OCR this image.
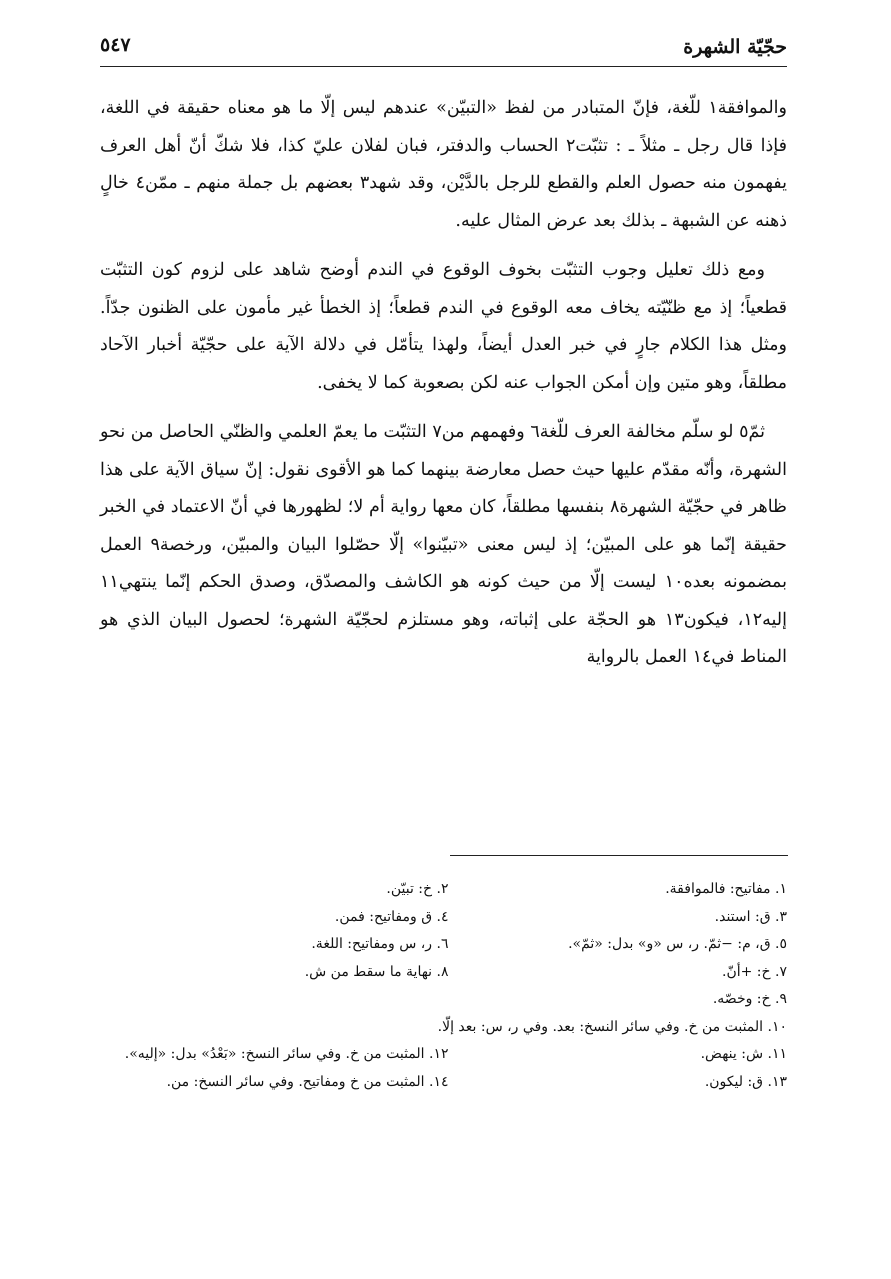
حجّيّة الشهرة
٥٤٧

والموافقة١ للّغة، فإنّ المتبادر من لفظ «التبيّن» عندهم ليس إلّا ما هو معناه حقيقة في اللغة، فإذا قال رجل ـ مثلاً ـ : تثبّت٢ الحساب والدفتر، فبان لفلان عليّ كذا، فلا شكّ أنّ أهل العرف يفهمون منه حصول العلم والقطع للرجل بالدَّيْن، وقد شهد٣ بعضهم بل جملة منهم ـ ممّن٤ خالٍ ذهنه عن الشبهة ـ بذلك بعد عرض المثال عليه.

ومع ذلك تعليل وجوب التثبّت بخوف الوقوع في الندم أوضح شاهد على لزوم كون التثبّت قطعياً؛ إذ مع ظنّيّته يخاف معه الوقوع في الندم قطعاً؛ إذ الخطأ غير مأمون على الظنون جدّاً. ومثل هذا الكلام جارٍ في خبر العدل أيضاً، ولهذا يتأمّل في دلالة الآية على حجّيّة أخبار الآحاد مطلقاً، وهو متين وإن أمكن الجواب عنه لكن بصعوبة كما لا يخفى.

ثمّ٥ لو سلّم مخالفة العرف للّغة٦ وفهمهم من٧ التثبّت ما يعمّ العلمي والظنّي الحاصل من نحو الشهرة، وأنّه مقدّم عليها حيث حصل معارضة بينهما كما هو الأقوى نقول: إنّ سياق الآية على هذا ظاهر في حجّيّة الشهرة٨ بنفسها مطلقاً، كان معها رواية أم لا؛ لظهورها في أنّ الاعتماد في الخبر حقيقة إنّما هو على المبيّن؛ إذ ليس معنى «تبيّنوا» إلّا حصّلوا البيان والمبيّن، ورخصة٩ العمل بمضمونه بعده١٠ ليست إلّا من حيث كونه هو الكاشف والمصدّق، وصدق الحكم إنّما ينتهي١١ إليه١٢، فيكون١٣ هو الحجّة على إثباته، وهو مستلزم لحجّيّة الشهرة؛ لحصول البيان الذي هو المناط في١٤ العمل بالرواية

١. مفاتيح: فالموافقة.
٢. خ: تبيّن.
٣. ق: استند.
٤. ق ومفاتيح: فمن.
٥. ق، م: −ثمّ. ر، س «و» بدل: «ثمّ».
٦. ر، س ومفاتيح: اللغة.
٧. خ: +أنّ.
٨. نهاية ما سقط من ش.
٩. خ: وخصّه.
١٠. المثبت من خ. وفي سائر النسخ: بعد. وفي ر، س: بعد إلّا.
١١. ش: ينهض.
١٢. المثبت من خ. وفي سائر النسخ: «بَعْدُ» بدل: «إليه».
١٣. ق: ليكون.
١٤. المثبت من خ ومفاتيح. وفي سائر النسخ: من.
